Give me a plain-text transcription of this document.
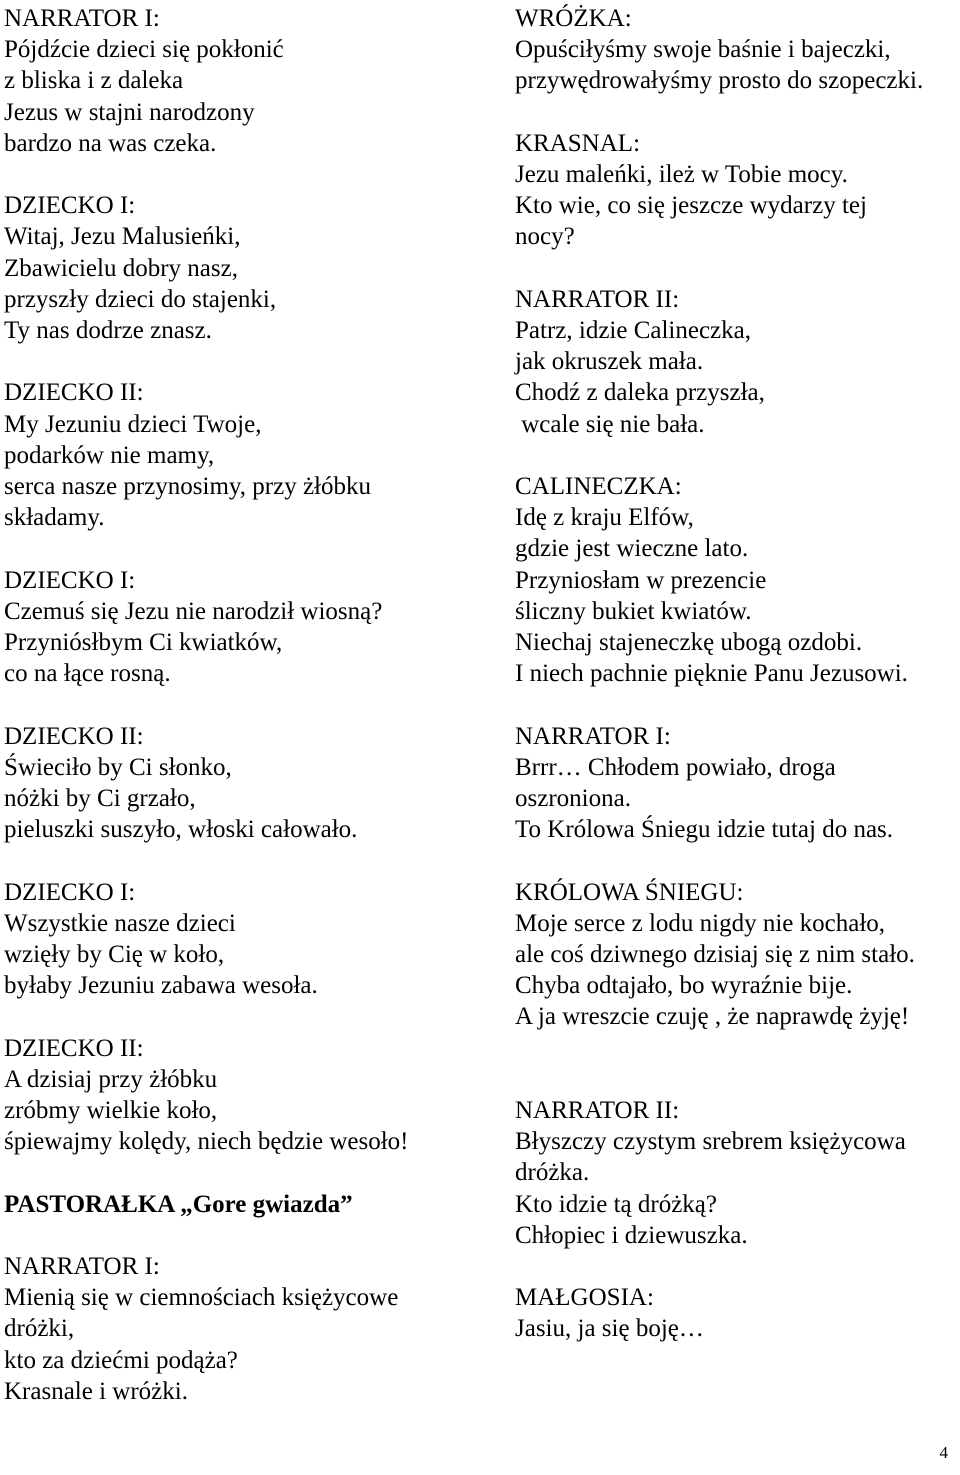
NARRATOR I:
Pójdźcie dzieci się pokłonić
z bliska i z daleka
Jezus w stajni narodzony
bardzo na was czeka.
DZIECKO I:
Witaj, Jezu Malusieńki,
Zbawicielu dobry nasz,
przyszły dzieci do stajenki,
Ty nas dodrze znasz.
DZIECKO II:
My Jezuniu dzieci Twoje,
podarków nie mamy,
serca nasze przynosimy, przy żłóbku
składamy.
DZIECKO I:
Czemuś się Jezu nie narodził wiosną?
Przyniósłbym Ci kwiatków,
co na łące rosną.
DZIECKO II:
Świeciło by Ci słonko,
nóżki by Ci grzało,
pieluszki suszyło, włoski całowało.
DZIECKO I:
Wszystkie nasze dzieci
wzięły by Cię w koło,
byłaby Jezuniu zabawa wesoła.
DZIECKO II:
A dzisiaj przy żłóbku
zróbmy wielkie koło,
śpiewajmy kolędy, niech będzie wesoło!
PASTORAŁKA „Gore gwiazda”
NARRATOR I:
Mienią się w ciemnościach księżycowe
dróżki,
kto za dziećmi podąża?
Krasnale i wróżki.
WRÓŻKA:
Opuściłyśmy swoje baśnie i bajeczki,
przywędrowałyśmy prosto do szopeczki.
KRASNAL:
Jezu maleńki, ileż w Tobie mocy.
Kto wie, co się jeszcze wydarzy tej
nocy?
NARRATOR II:
Patrz, idzie Calineczka,
jak okruszek mała.
Chodź z daleka przyszła,
wcale się nie bała.
CALINECZKA:
Idę z kraju Elfów,
gdzie jest wieczne lato.
Przyniosłam w prezencie
śliczny bukiet kwiatów.
Niechaj stajeneczkę ubogą ozdobi.
I niech pachnie pięknie Panu Jezusowi.
NARRATOR I:
Brrr… Chłodem powiało, droga
oszroniona.
To Królowa Śniegu idzie tutaj do nas.
KRÓLOWA ŚNIEGU:
Moje serce z lodu nigdy nie kochało,
ale coś dziwnego dzisiaj się z nim stało.
Chyba odtajało, bo wyraźnie bije.
A ja wreszcie czuję , że naprawdę żyję!
NARRATOR II:
Błyszczy czystym srebrem księżycowa
dróżka.
Kto idzie tą dróżką?
Chłopiec i dziewuszka.
MAŁGOSIA:
Jasiu, ja się boję…
4
